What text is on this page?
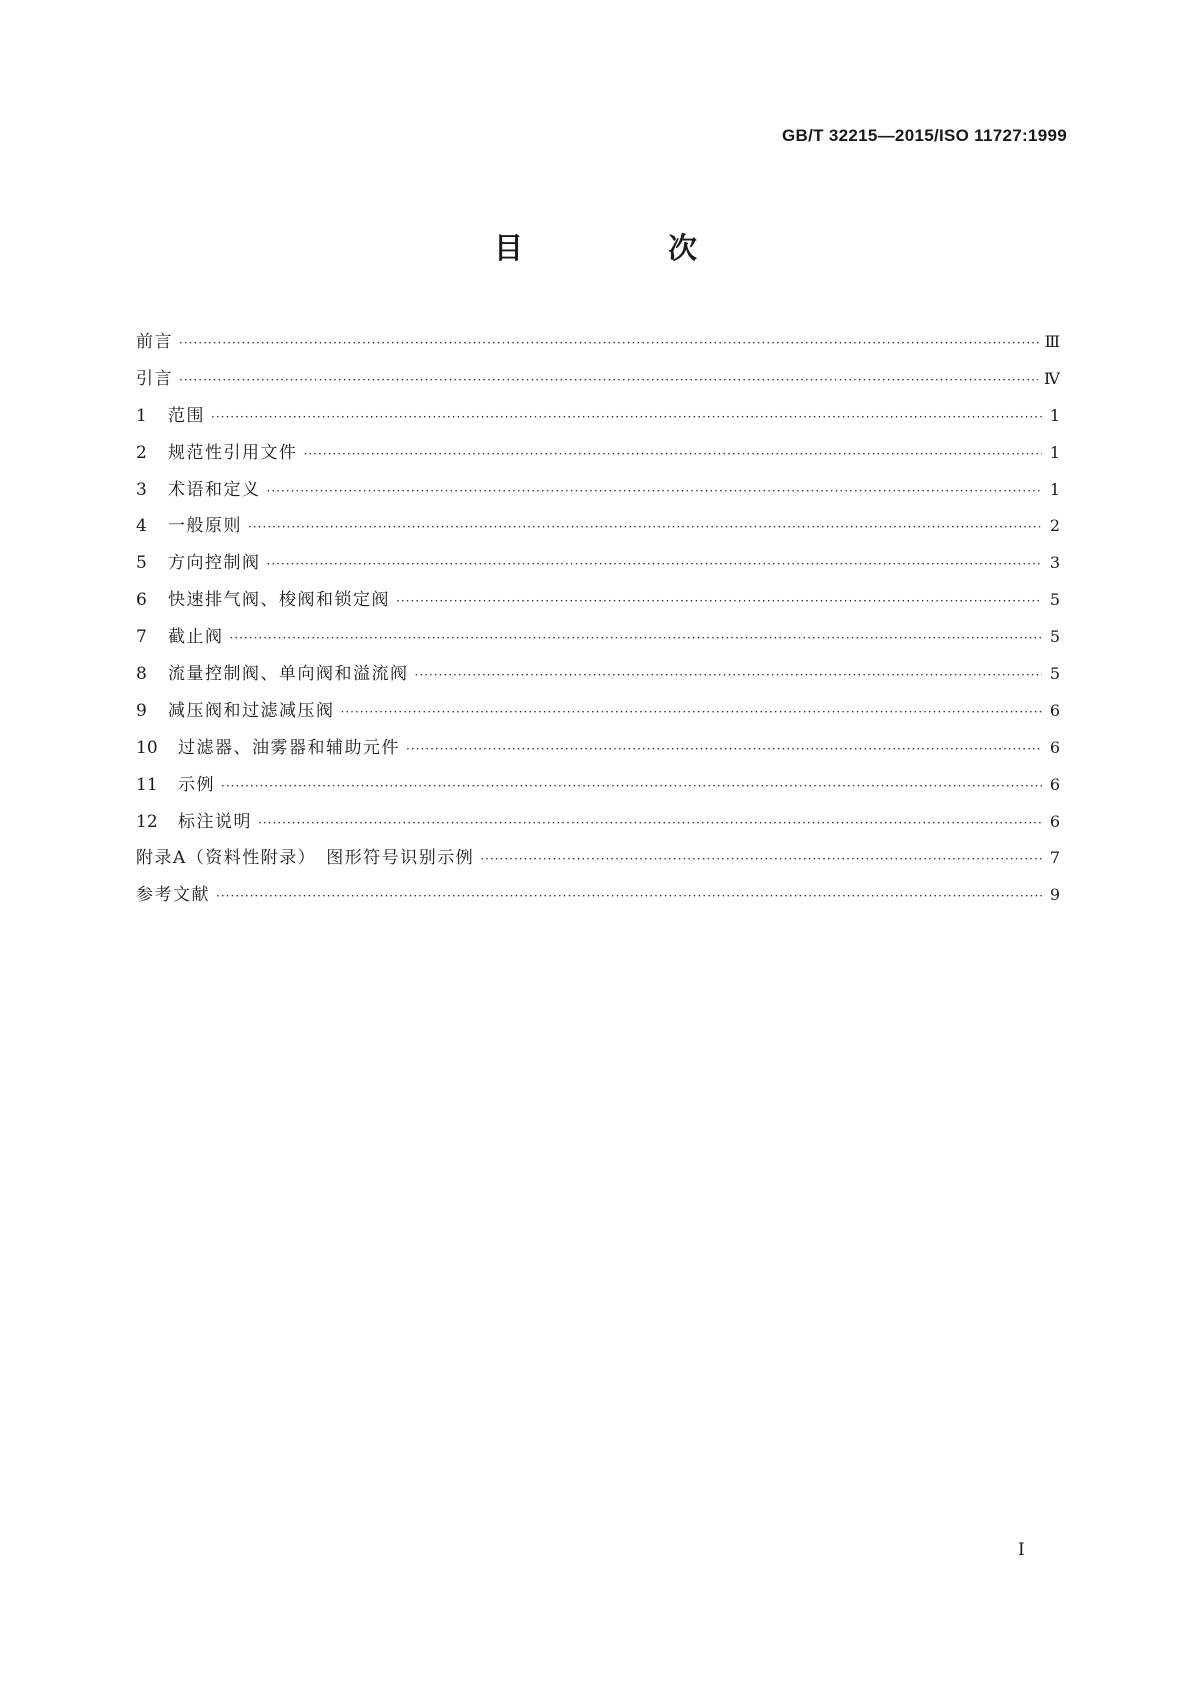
GB/T 32215—2015/ISO 11727:1999
目　次
前言 ·····	Ⅲ
引言 ·····	Ⅳ
1	范围 ·····	1
2	规范性引用文件 ·····	1
3	术语和定义 ·····	1
4	一般原则 ·····	2
5	方向控制阀 ·····	3
6	快速排气阀、梭阀和锁定阀 ·····	5
7	截止阀 ·····	5
8	流量控制阀、单向阀和溢流阀 ·····	5
9	减压阀和过滤减压阀 ·····	6
10	过滤器、油雾器和辅助元件 ·····	6
11	示例 ·····	6
12	标注说明 ·····	6
附录A（资料性附录）　图形符号识别示例 ·····	7
参考文献 ·····	9
I
